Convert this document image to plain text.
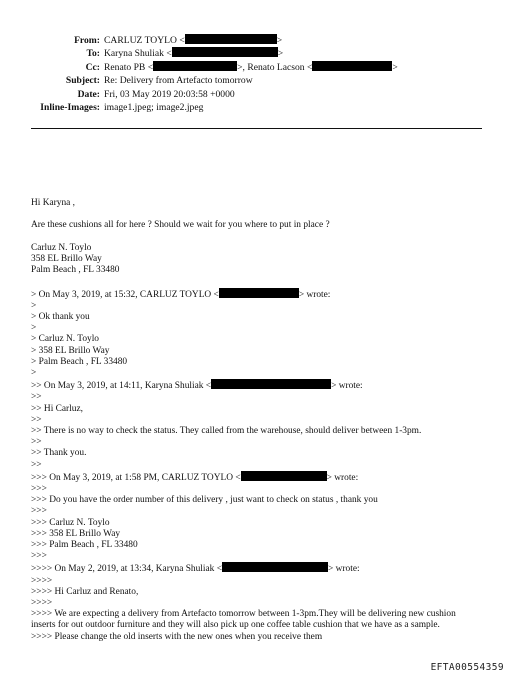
From: CARLUZ TOYLO <	>
To: Karyna Shuliak <	>
Cc: Renato PB <	>, Renato Lacson <	>
Subject: Re: Delivery from Artefacto tomorrow
Date: Fri, 03 May 2019 20:03:58 +0000
Inline-Images: image1.jpeg; image2.jpeg
Hi Karyna ,
Are these cushions all for here ? Should we wait for you where to put in place ?
Carluz N. Toylo
358 EL Brillo Way
Palm Beach , FL 33480
> On May 3, 2019, at 15:32, CARLUZ TOYLO <	> wrote:
>
> Ok thank you
>
> Carluz N. Toylo
> 358 EL Brillo Way
> Palm Beach , FL 33480
>
>> On May 3, 2019, at 14:11, Karyna Shuliak <	> wrote:
>>
>> Hi Carluz,
>>
>> There is no way to check the status. They called from the warehouse, should deliver between 1-3pm.
>>
>> Thank you.
>>
>>> On May 3, 2019, at 1:58 PM, CARLUZ TOYLO <	> wrote:
>>>
>>> Do you have the order number of this delivery , just want to check on status , thank you
>>>
>>> Carluz N. Toylo
>>> 358 EL Brillo Way
>>> Palm Beach , FL 33480
>>>
>>>> On May 2, 2019, at 13:34, Karyna Shuliak <	> wrote:
>>>>
>>>> Hi Carluz and Renato,
>>>>
>>>> We are expecting a delivery from Artefacto tomorrow between 1-3pm.They will be delivering new cushion
inserts for out outdoor furniture and they will also pick up one coffee table cushion that we have as a sample.
>>>> Please change the old inserts with the new ones when you receive them
EFTA00554359
